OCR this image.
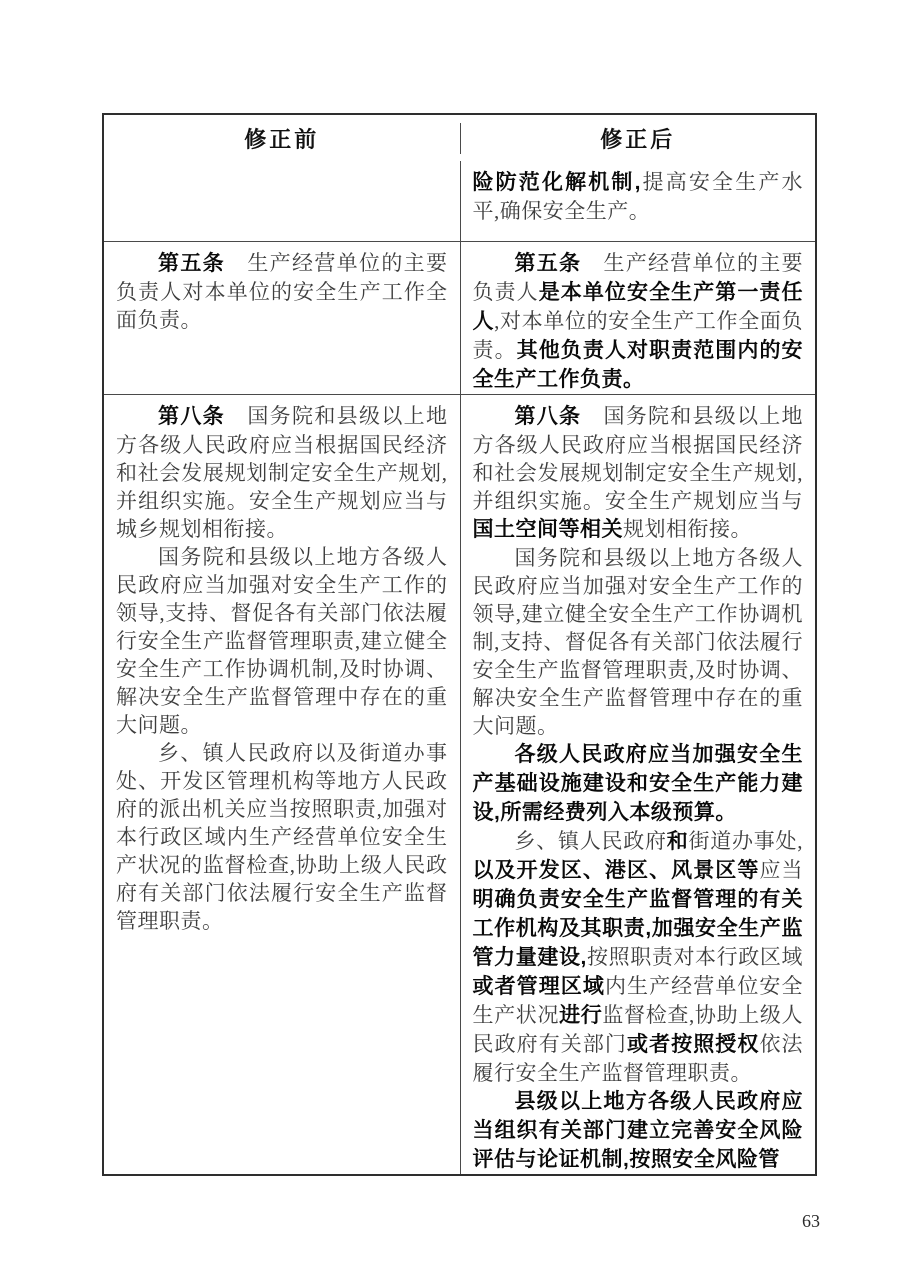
修正前	修正后

险防范化解机制,提高安全生产水平,确保安全生产。

第五条　生产经营单位的主要负责人对本单位的安全生产工作全面负责。

第五条　生产经营单位的主要负责人是本单位安全生产第一责任人,对本单位的安全生产工作全面负责。其他负责人对职责范围内的安全生产工作负责。

第八条　国务院和县级以上地方各级人民政府应当根据国民经济和社会发展规划制定安全生产规划,并组织实施。安全生产规划应当与城乡规划相衔接。

国务院和县级以上地方各级人民政府应当加强对安全生产工作的领导,支持、督促各有关部门依法履行安全生产监督管理职责,建立健全安全生产工作协调机制,及时协调、解决安全生产监督管理中存在的重大问题。

乡、镇人民政府以及街道办事处、开发区管理机构等地方人民政府的派出机关应当按照职责,加强对本行政区域内生产经营单位安全生产状况的监督检查,协助上级人民政府有关部门依法履行安全生产监督管理职责。

第八条　国务院和县级以上地方各级人民政府应当根据国民经济和社会发展规划制定安全生产规划,并组织实施。安全生产规划应当与国土空间等相关规划相衔接。

国务院和县级以上地方各级人民政府应当加强对安全生产工作的领导,建立健全安全生产工作协调机制,支持、督促各有关部门依法履行安全生产监督管理职责,及时协调、解决安全生产监督管理中存在的重大问题。

各级人民政府应当加强安全生产基础设施建设和安全生产能力建设,所需经费列入本级预算。

乡、镇人民政府和街道办事处,以及开发区、港区、风景区等应当明确负责安全生产监督管理的有关工作机构及其职责,加强安全生产监管力量建设,按照职责对本行政区域或者管理区域内生产经营单位安全生产状况进行监督检查,协助上级人民政府有关部门或者按照授权依法履行安全生产监督管理职责。

县级以上地方各级人民政府应当组织有关部门建立完善安全风险评估与论证机制,按照安全风险管

63
